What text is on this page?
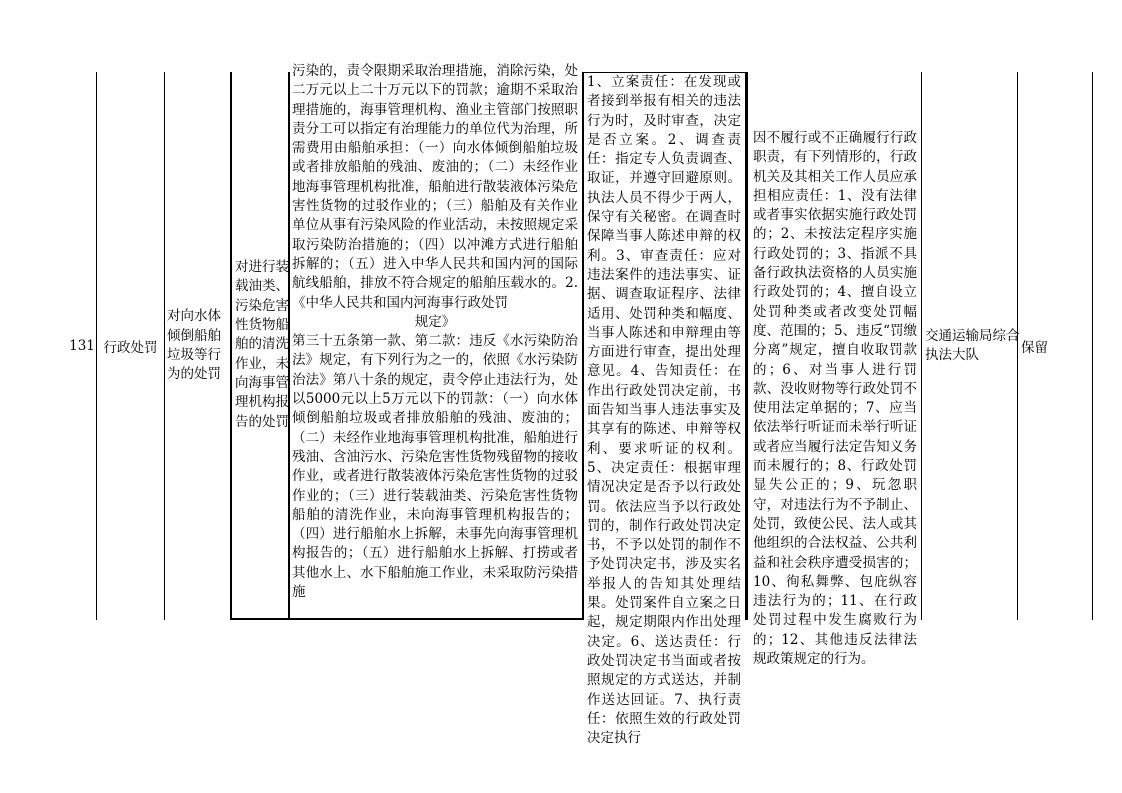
131 行政处罚
对向水体倾倒船舶垃圾等行为的处罚
对进行装载油类、污染危害性货物船舶的清洗作业，未向海事管理机构报告的处罚
污染的，责令限期采取治理措施，消除污染，处二万元以上二十万元以下的罚款；逾期不采取治理措施的，海事管理机构、渔业主管部门按照职责分工可以指定有治理能力的单位代为治理，所需费用由船舶承担：（一）向水体倾倒船舶垃圾或者排放船舶的残油、废油的；（二）未经作业地海事管理机构批准，船舶进行散装液体污染危害性货物的过驳作业的；（三）船舶及有关作业单位从事有污染风险的作业活动，未按照规定采取污染防治措施的；（四）以冲滩方式进行船舶拆解的；（五）进入中华人民共和国内河的国际航线船舶，排放不符合规定的船舶压载水的。2.《中华人民共和国内河海事行政处罚
规定》
第三十五条第一款、第二款：违反《水污染防治法》规定，有下列行为之一的，依照《水污染防治法》第八十条的规定，责令停止违法行为，处以5000元以上5万元以下的罚款：（一）向水体倾倒船舶垃圾或者排放船舶的残油、废油的；（二）未经作业地海事管理机构批准，船舶进行残油、含油污水、污染危害性货物残留物的接收作业，或者进行散装液体污染危害性货物的过驳作业的；（三）进行装载油类、污染危害性货物船舶的清洗作业，未向海事管理机构报告的；（四）进行船舶水上拆解，未事先向海事管理机构报告的；（五）进行船舶水上拆解、打捞或者其他水上、水下船舶施工作业，未采取防污染措施
1、立案责任：在发现或者接到举报有相关的违法行为时，及时审查，决定是否立案。2、调查责任：指定专人负责调查、取证，并遵守回避原则。执法人员不得少于两人，保守有关秘密。在调查时保障当事人陈述申辩的权利。3、审查责任：应对违法案件的违法事实、证据、调查取证程序、法律适用、处罚种类和幅度、当事人陈述和申辩理由等方面进行审查，提出处理意见。4、告知责任：在作出行政处罚决定前，书面告知当事人违法事实及其享有的陈述、申辩等权利、要求听证的权利。5、决定责任：根据审理情况决定是否予以行政处罚。依法应当予以行政处罚的，制作行政处罚决定书，不予以处罚的制作不予处罚决定书，涉及实名举报人的告知其处理结果。处罚案件自立案之日起，规定期限内作出处理决定。6、送达责任：行政处罚决定书当面或者按照规定的方式送达，并制作送达回证。7、执行责任：依照生效的行政处罚决定执行
因不履行或不正确履行行政职责，有下列情形的，行政机关及其相关工作人员应承担相应责任：1、没有法律或者事实依据实施行政处罚的；2、未按法定程序实施行政处罚的；3、指派不具备行政执法资格的人员实施行政处罚的；4、擅自设立处罚种类或者改变处罚幅度、范围的；5、违反“罚缴分离”规定，擅自收取罚款的；6、对当事人进行罚款、没收财物等行政处罚不使用法定单据的；7、应当依法举行听证而未举行听证或者应当履行法定告知义务而未履行的；8、行政处罚显失公正的；9、玩忽职守，对违法行为不予制止、处罚，致使公民、法人或其他组织的合法权益、公共利益和社会秩序遭受损害的；10、徇私舞弊、包庇纵容违法行为的；11、在行政处罚过程中发生腐败行为的；12、其他违反法律法规政策规定的行为。
交通运输局综合执法大队	保留
